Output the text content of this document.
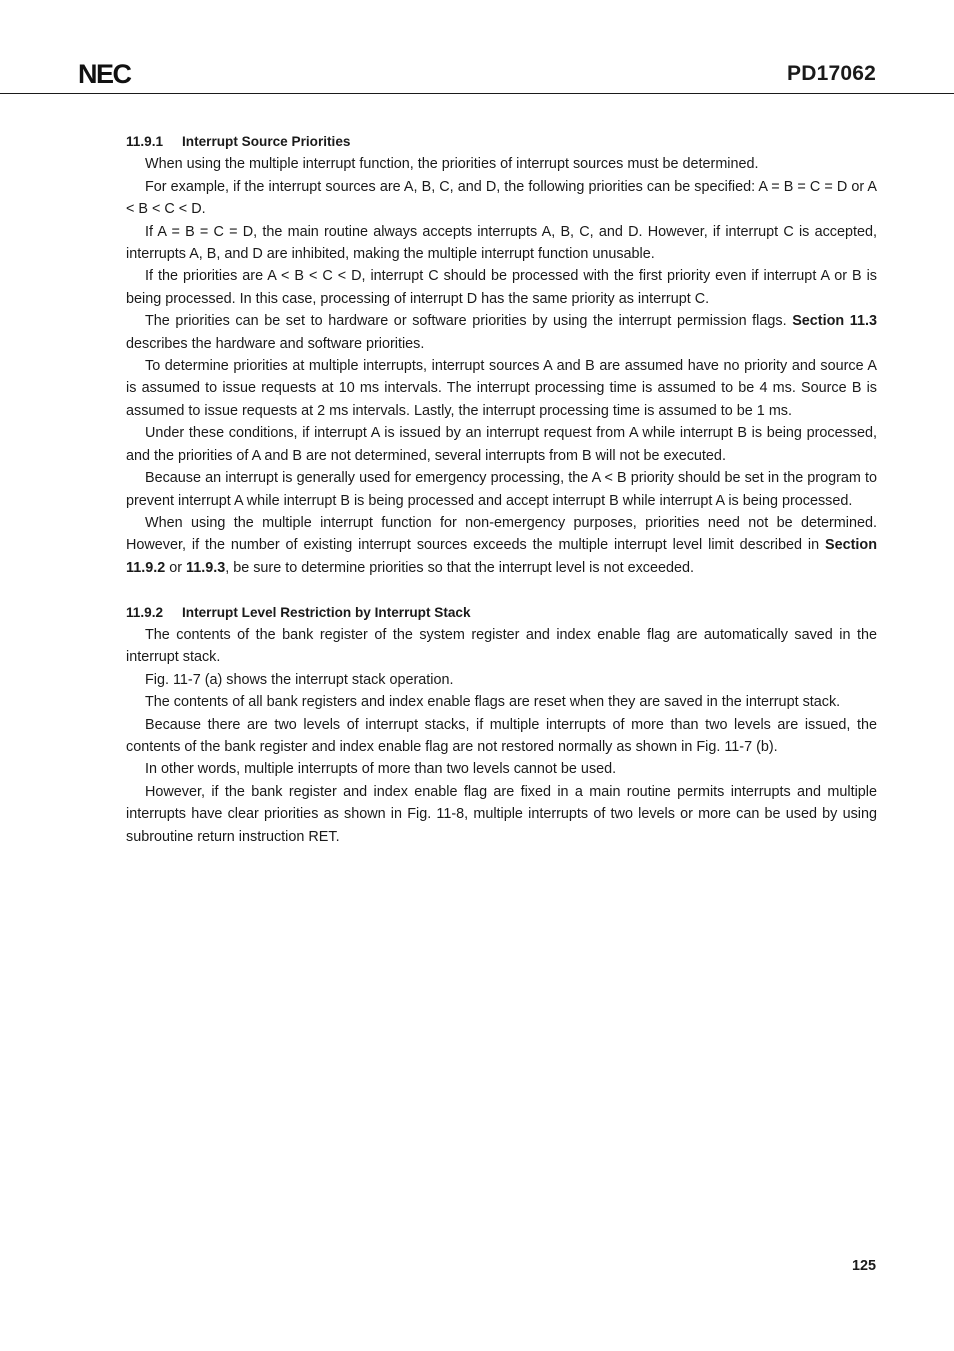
NEC	PD17062

11.9.1 Interrupt Source Priorities

When using the multiple interrupt function, the priorities of interrupt sources must be determined.

For example, if the interrupt sources are A, B, C, and D, the following priorities can be specified: A = B = C = D or A < B < C < D.

If A = B = C = D, the main routine always accepts interrupts A, B, C, and D. However, if interrupt C is accepted, interrupts A, B, and D are inhibited, making the multiple interrupt function unusable.

If the priorities are A < B < C < D, interrupt C should be processed with the first priority even if interrupt A or B is being processed. In this case, processing of interrupt D has the same priority as interrupt C.

The priorities can be set to hardware or software priorities by using the interrupt permission flags. Section 11.3 describes the hardware and software priorities.

To determine priorities at multiple interrupts, interrupt sources A and B are assumed have no priority and source A is assumed to issue requests at 10 ms intervals. The interrupt processing time is assumed to be 4 ms. Source B is assumed to issue requests at 2 ms intervals. Lastly, the interrupt processing time is assumed to be 1 ms.

Under these conditions, if interrupt A is issued by an interrupt request from A while interrupt B is being processed, and the priorities of A and B are not determined, several interrupts from B will not be executed.

Because an interrupt is generally used for emergency processing, the A < B priority should be set in the program to prevent interrupt A while interrupt B is being processed and accept interrupt B while interrupt A is being processed.

When using the multiple interrupt function for non-emergency purposes, priorities need not be determined. However, if the number of existing interrupt sources exceeds the multiple interrupt level limit described in Section 11.9.2 or 11.9.3, be sure to determine priorities so that the interrupt level is not exceeded.

11.9.2 Interrupt Level Restriction by Interrupt Stack

The contents of the bank register of the system register and index enable flag are automatically saved in the interrupt stack.

Fig. 11-7 (a) shows the interrupt stack operation.

The contents of all bank registers and index enable flags are reset when they are saved in the interrupt stack.

Because there are two levels of interrupt stacks, if multiple interrupts of more than two levels are issued, the contents of the bank register and index enable flag are not restored normally as shown in Fig. 11-7 (b).

In other words, multiple interrupts of more than two levels cannot be used.

However, if the bank register and index enable flag are fixed in a main routine permits interrupts and multiple interrupts have clear priorities as shown in Fig. 11-8, multiple interrupts of two levels or more can be used by using subroutine return instruction RET.

125
